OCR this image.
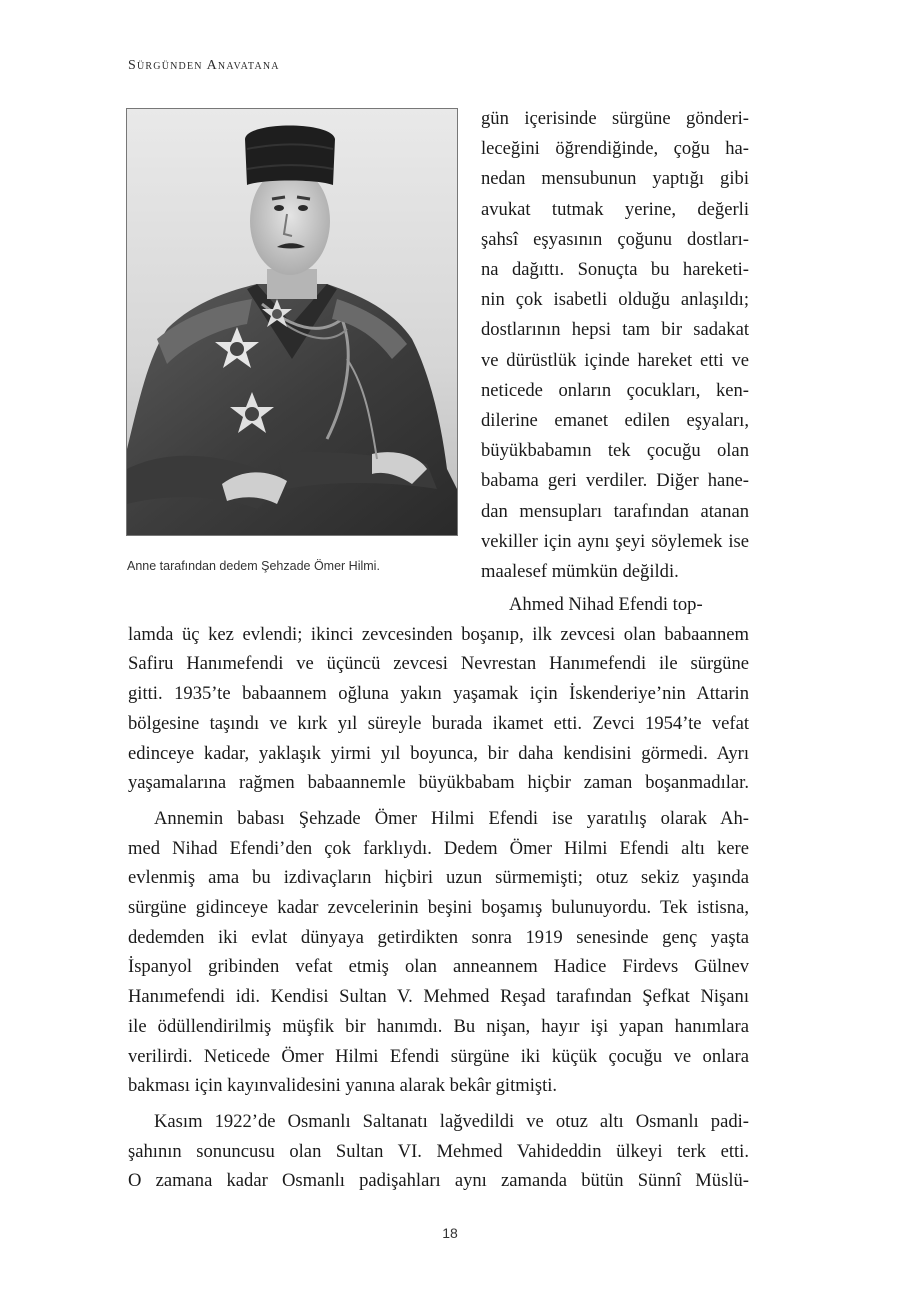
Sürgünden Anavatana
Anne tarafından dedem Şehzade Ömer Hilmi.
gün içerisinde sürgüne gönderi-
leceğini öğrendiğinde, çoğu ha-
nedan mensubunun yaptığı gibi
avukat tutmak yerine, değerli
şahsî eşyasının çoğunu dostları-
na dağıttı. Sonuçta bu hareketi-
nin çok isabetli olduğu anlaşıldı;
dostlarının hepsi tam bir sadakat
ve dürüstlük içinde hareket etti ve
neticede onların çocukları, ken-
dilerine emanet edilen eşyaları,
büyükbabamın tek çocuğu olan
babama geri verdiler. Diğer hane-
dan mensupları tarafından atanan
vekiller için aynı şeyi söylemek ise
maalesef mümkün değildi.
Ahmed Nihad Efendi top-
lamda üç kez evlendi; ikinci zevcesinden boşanıp, ilk zevcesi olan babaannem
Safiru Hanımefendi ve üçüncü zevcesi Nevrestan Hanımefendi ile sürgüne
gitti. 1935’te babaannem oğluna yakın yaşamak için İskenderiye’nin Attarin
bölgesine taşındı ve kırk yıl süreyle burada ikamet etti. Zevci 1954’te vefat
edinceye kadar, yaklaşık yirmi yıl boyunca, bir daha kendisini görmedi. Ayrı
yaşamalarına rağmen babaannemle büyükbabam hiçbir zaman boşanmadılar.
Annemin babası Şehzade Ömer Hilmi Efendi ise yaratılış olarak Ah-
med Nihad Efendi’den çok farklıydı. Dedem Ömer Hilmi Efendi altı kere
evlenmiş ama bu izdivaçların hiçbiri uzun sürmemişti; otuz sekiz yaşında
sürgüne gidinceye kadar zevcelerinin beşini boşamış bulunuyordu. Tek istisna,
dedemden iki evlat dünyaya getirdikten sonra 1919 senesinde genç yaşta
İspanyol gribinden vefat etmiş olan anneannem Hadice Firdevs Gülnev
Hanımefendi idi. Kendisi Sultan V. Mehmed Reşad tarafından Şefkat Nişanı
ile ödüllendirilmiş müşfik bir hanımdı. Bu nişan, hayır işi yapan hanımlara
verilirdi. Neticede Ömer Hilmi Efendi sürgüne iki küçük çocuğu ve onlara
bakması için kayınvalidesini yanına alarak bekâr gitmişti.
Kasım 1922’de Osmanlı Saltanatı lağvedildi ve otuz altı Osmanlı padi-
şahının sonuncusu olan Sultan VI. Mehmed Vahideddin ülkeyi terk etti.
O zamana kadar Osmanlı padişahları aynı zamanda bütün Sünnî Müslü-
18
